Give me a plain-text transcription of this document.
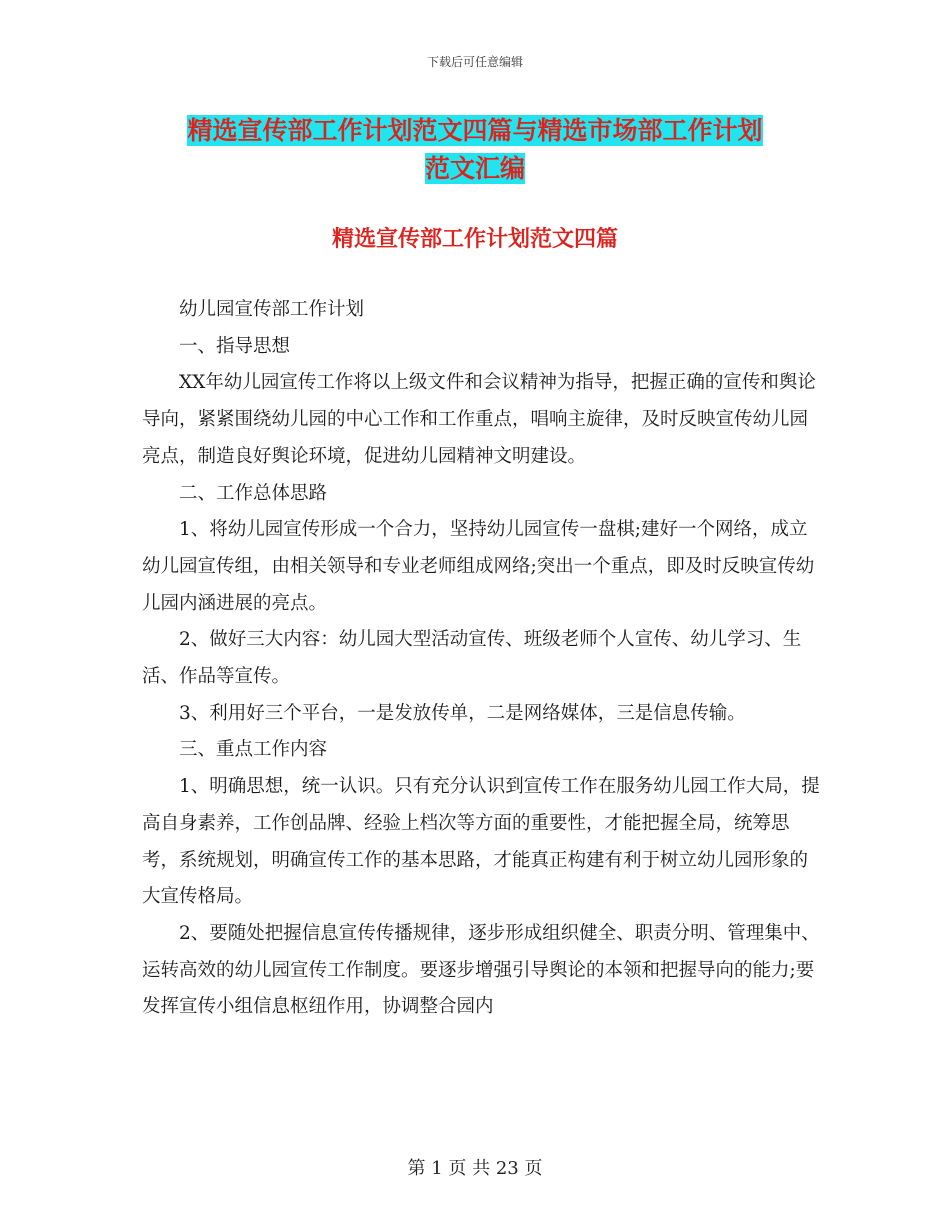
下载后可任意编辑
精选宣传部工作计划范文四篇与精选市场部工作计划
范文汇编
精选宣传部工作计划范文四篇

幼儿园宣传部工作计划

一、指导思想

XX年幼儿园宣传工作将以上级文件和会议精神为指导，把握正确的宣传和舆论导向，紧紧围绕幼儿园的中心工作和工作重点，唱响主旋律，及时反映宣传幼儿园亮点，制造良好舆论环境，促进幼儿园精神文明建设。

二、工作总体思路

1、将幼儿园宣传形成一个合力，坚持幼儿园宣传一盘棋;建好一个网络，成立幼儿园宣传组，由相关领导和专业老师组成网络;突出一个重点，即及时反映宣传幼儿园内涵进展的亮点。

2、做好三大内容：幼儿园大型活动宣传、班级老师个人宣传、幼儿学习、生活、作品等宣传。

3、利用好三个平台，一是发放传单，二是网络媒体，三是信息传输。

三、重点工作内容

1、明确思想，统一认识。只有充分认识到宣传工作在服务幼儿园工作大局，提高自身素养，工作创品牌、经验上档次等方面的重要性，才能把握全局，统筹思考，系统规划，明确宣传工作的基本思路，才能真正构建有利于树立幼儿园形象的大宣传格局。

2、要随处把握信息宣传传播规律，逐步形成组织健全、职责分明、管理集中、运转高效的幼儿园宣传工作制度。要逐步增强引导舆论的本领和把握导向的能力;要发挥宣传小组信息枢纽作用，协调整合园内

第 1 页 共 23 页
